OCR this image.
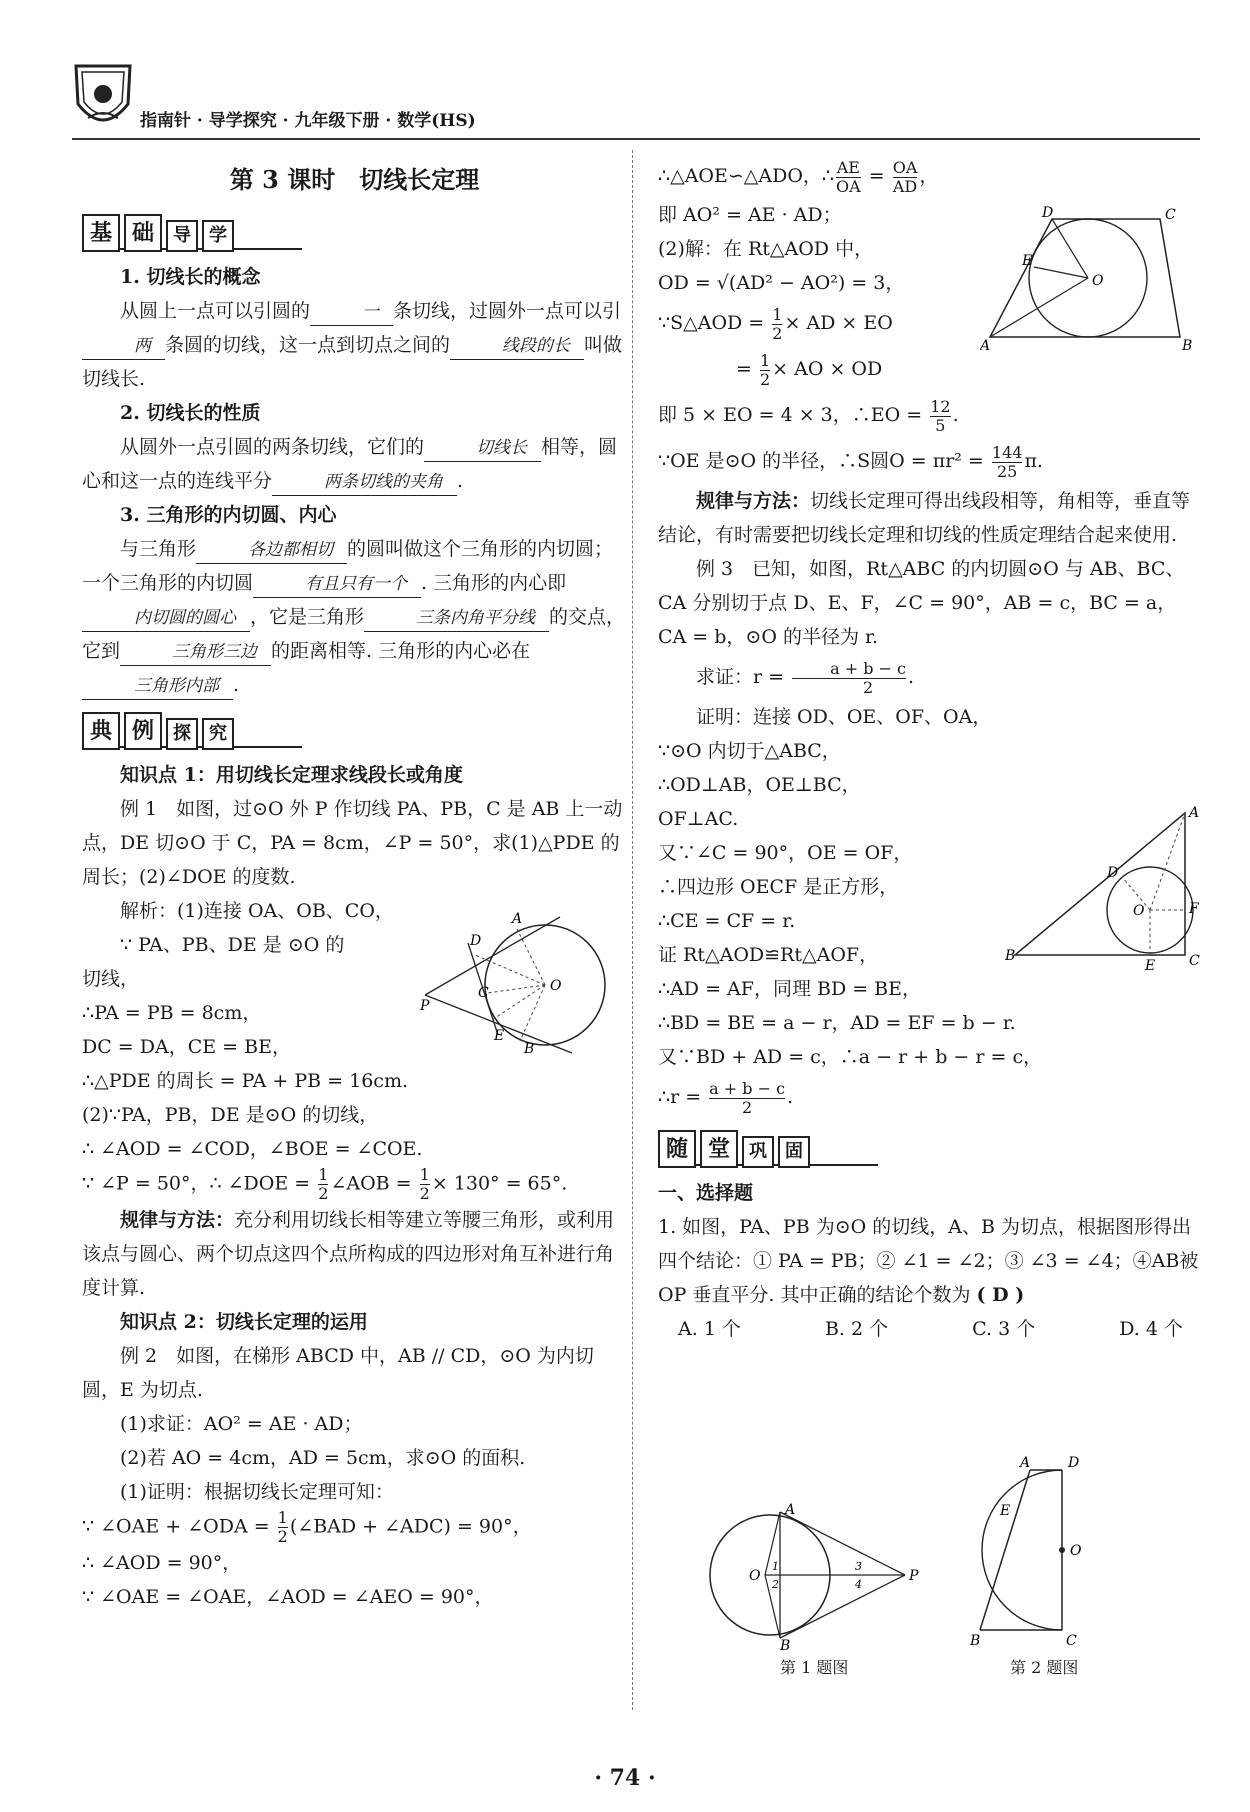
指南针 · 导学探究 · 九年级下册 · 数学(HS)
第 3 课时　切线长定理
基 础	导	学

1. 切线长的概念

从圆上一点可以引圆的	一 条切线，过圆外一点可以引两 条圆的切线，这一点到切点之间的	线段的长 叫做切线长.

2. 切线长的性质

从圆外一点引圆的两条切线，它们的	切线长 相等，圆心和这一点的连线平分	两条切线的夹角 .

3. 三角形的内切圆、内心

与三角形	各边都相切 的圆叫做这个三角形的内切圆；一个三角形的内切圆	有且只有一个 . 三角形的内心即内切圆的圆心 ，它是三角形	三条内角平分线 的交点，它到	三角形三边 的距离相等. 三角形的内心必在三角形内部 .

典 例	探	究

知识点 1：用切线长定理求线段长或角度

例 1　如图，过⊙O 外 P 作切线 PA、PB，C 是 AB 上一动点，DE 切⊙O 于 C，PA = 8cm，∠P = 50°，求(1)△PDE 的周长；(2)∠DOE 的度数.

解析：(1)连接 OA、OB、CO，

∵ PA、PB、DE 是 ⊙O 的

切线，

∴PA = PB = 8cm，

DC = DA，CE = BE，

∴△PDE 的周长 = PA + PB = 16cm.

(2)∵PA，PB，DE 是⊙O 的切线，

∴ ∠AOD = ∠COD，∠BOE = ∠COE.

∵ ∠P = 50°，∴ ∠DOE = $\frac{1}{2}$ ∠AOB = $\frac{1}{2} \times 130^\circ = 65^\circ$.

规律与方法：充分利用切线长相等建立等腰三角形，或利用该点与圆心、两个切点这四个点所构成的四边形对角互补进行角度计算.

知识点 2：切线长定理的运用

例 2　如图，在梯形 ABCD 中，AB // CD，⊙O 为内切圆，E 为切点.

(1)求证：AO² = AE · AD；

(2)若 AO = 4cm，AD = 5cm，求⊙O 的面积.

(1)证明：根据切线长定理可知：

∵ ∠OAE + ∠ODA = $\frac{1}{2}$ (∠BAD + ∠ADC) = 90°，

∴ ∠AOD = 90°，

∵ ∠OAE = ∠OAE，∠AOD = ∠AEO = 90°，

P
A
D
C
E
B
O

∴△AOE∽△ADO，∴ $\frac{AE}{OA} = \frac{OA}{AD}$ ，

即 AO² = AE · AD；

(2)解：在 Rt△AOD 中，

OD = √(AD² − AO²) = 3，

∵S△AOD = $\frac{1}{2}$ × AD × EO

= $\frac{1}{2}$ × AO × OD

即 5 × EO = 4 × 3，∴EO = $\frac{12}{5}$ .

∵OE 是⊙O 的半径，∴S圆$O = \pi r^2 = \frac{144}{25} \pi$.

规律与方法：切线长定理可得出线段相等，角相等，垂直等结论，有时需要把切线长定理和切线的性质定理结合起来使用.

例 3　已知，如图，Rt△ABC 的内切圆⊙O 与 AB、BC、CA 分别切于点 D、E、F，∠C = 90°，AB = c，BC = a，CA = b，⊙O 的半径为 r.

求证：$r = \frac{a + b - c}{2}$ .

证明：连接 OD、OE、OF、OA，

∵⊙O 内切于△ABC，

∴OD⊥AB，OE⊥BC，

OF⊥AC.

又∵∠C = 90°，OE = OF，

∴四边形 OECF 是正方形，

∴CE = CF = r.

证 Rt△AOD≌Rt△AOF，

∴AD = AF，同理 BD = BE，

∴BD = BE = a − r，AD = EF = b − r.

又∵BD + AD = c，∴a − r + b − r = c，

∴r = $\frac{a + b - c}{2}$ .

随 堂	巩	固

一、选择题

1. 如图，PA、PB 为⊙O 的切线，A、B 为切点，根据图形得出四个结论：① PA = PB；② ∠1 = ∠2；③ ∠3 = ∠4；④AB被 OP 垂直平分. 其中正确的结论个数为 ( D )

A. 1 个	B. 2 个	C. 3 个	D. 4 个

A	B
C
D
E
O
B	C
A
D
E
F
O
A
B
O	P
1
2
3
4
第 1 题图
B	C
A	D
E
O
第 2 题图
· 74 ·
